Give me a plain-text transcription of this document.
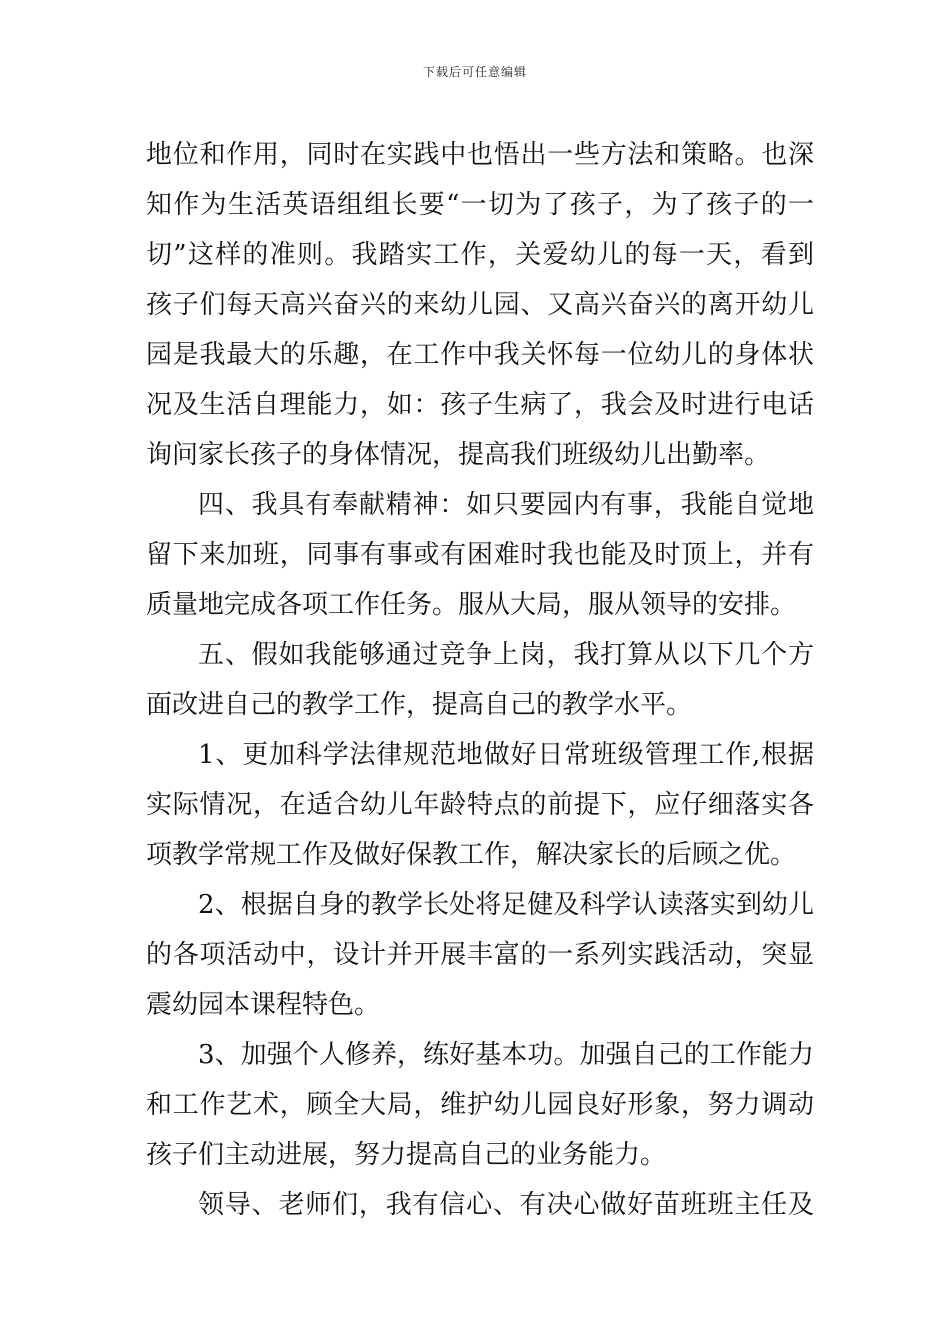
下载后可任意编辑
地位和作用，同时在实践中也悟出一些方法和策略。也深
知作为生活英语组组长要“一切为了孩子，为了孩子的一
切”这样的准则。我踏实工作，关爱幼儿的每一天，看到
孩子们每天高兴奋兴的来幼儿园、又高兴奋兴的离开幼儿
园是我最大的乐趣，在工作中我关怀每一位幼儿的身体状
况及生活自理能力，如：孩子生病了，我会及时进行电话
询问家长孩子的身体情况，提高我们班级幼儿出勤率。
四、我具有奉献精神：如只要园内有事，我能自觉地
留下来加班，同事有事或有困难时我也能及时顶上，并有
质量地完成各项工作任务。服从大局，服从领导的安排。
五、假如我能够通过竞争上岗，我打算从以下几个方
面改进自己的教学工作，提高自己的教学水平。
1、更加科学法律规范地做好日常班级管理工作,根据
实际情况，在适合幼儿年龄特点的前提下，应仔细落实各
项教学常规工作及做好保教工作，解决家长的后顾之优。
2、根据自身的教学长处将足健及科学认读落实到幼儿
的各项活动中，设计并开展丰富的一系列实践活动，突显
震幼园本课程特色。
3、加强个人修养，练好基本功。加强自己的工作能力
和工作艺术，顾全大局，维护幼儿园良好形象，努力调动
孩子们主动进展，努力提高自己的业务能力。
领导、老师们，我有信心、有决心做好苗班班主任及
